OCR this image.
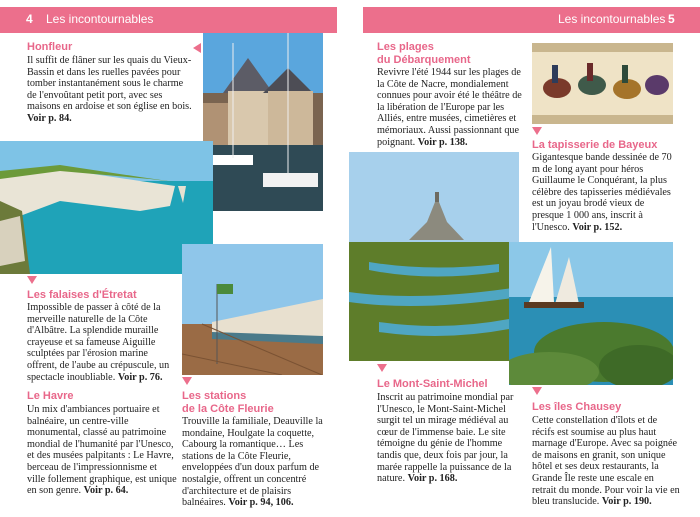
4 Les incontournables	Les incontournables 5
Honfleur
Il suffit de flâner sur les quais du Vieux-Bassin et dans les ruelles pavées pour tomber instantanément sous le charme de l'envoûtant petit port, avec ses maisons en ardoise et son église en bois. Voir p. 84.
Les falaises d'Étretat
Impossible de passer à côté de la merveille naturelle de la Côte d'Albâtre. La splendide muraille crayeuse et sa fameuse Aiguille sculptées par l'érosion marine offrent, de l'aube au crépuscule, un spectacle inoubliable. Voir p. 76.
Le Havre
Un mix d'ambiances portuaire et balnéaire, un centre-ville monumental, classé au patrimoine mondial de l'humanité par l'Unesco, et des musées palpitants : Le Havre, berceau de l'impressionnisme et ville follement graphique, est unique en son genre. Voir p. 64.
Les stations
de la Côte Fleurie
Trouville la familiale, Deauville la mondaine, Houlgate la coquette, Cabourg la romantique… Les stations de la Côte Fleurie, enveloppées d'un doux parfum de nostalgie, offrent un concentré d'architecture et de plaisirs balnéaires. Voir p. 94, 106.
Les plages
du Débarquement
Revivre l'été 1944 sur les plages de la Côte de Nacre, mondialement connues pour avoir été le théâtre de la libération de l'Europe par les Alliés, entre musées, cimetières et mémoriaux. Aussi passionnant que poignant. Voir p. 138.	La tapisserie de Bayeux
Gigantesque bande dessinée de 70 m de long ayant pour héros Guillaume le Conquérant, la plus célèbre des tapisseries médiévales est un joyau brodé vieux de presque 1 000 ans, inscrit à l'Unesco. Voir p. 152.
Le Mont-Saint-Michel
Inscrit au patrimoine mondial par l'Unesco, le Mont-Saint-Michel surgit tel un mirage médiéval au cœur de l'immense baie. Le site témoigne du génie de l'homme tandis que, deux fois par jour, la marée rappelle la puissance de la nature. Voir p. 168.
Les îles Chausey
Cette constellation d'îlots et de récifs est soumise au plus haut marnage d'Europe. Avec sa poignée de maisons en granit, son unique hôtel et ses deux restaurants, la Grande Île reste une escale en retrait du monde. Pour voir la vie en bleu translucide. Voir p. 190.
